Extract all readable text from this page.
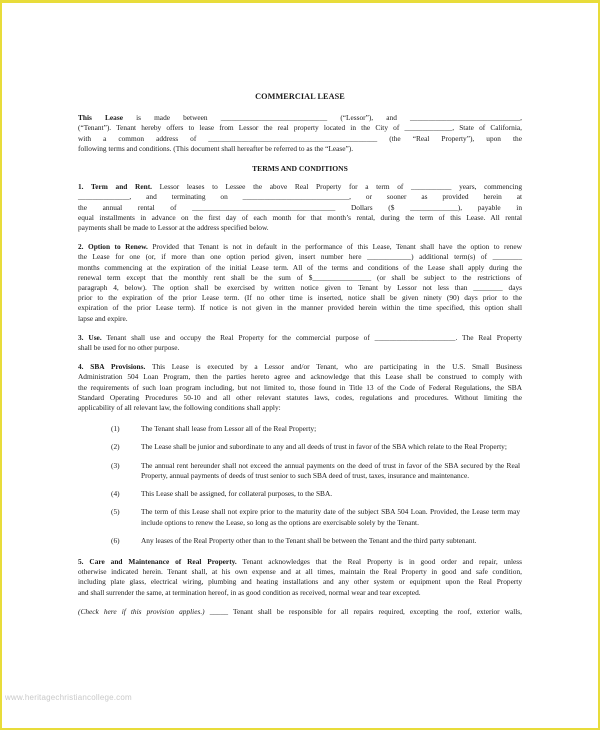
COMMERCIAL LEASE

This Lease is made between _____________________________ (“Lessor”), and ______________________________,
(“Tenant”). Tenant hereby offers to lease from Lessor the real property located in the City of _____________, State of California,
with a common address of ______________________________________________ (the “Real Property”), upon the
following terms and conditions. (This document shall hereafter be referred to as the “Lease”).

TERMS AND CONDITIONS

1. Term and Rent. Lessor leases to Lessee the above Real Property for a term of ___________ years, commencing
______________, and terminating on _____________________________, or sooner as provided herein at
the annual rental of _______________________________________ Dollars ($ _____________), payable in
equal installments in advance on the first day of each month for that month’s rental, during the term of this Lease. All rental
payments shall be made to Lessor at the address specified below.

2. Option to Renew. Provided that Tenant is not in default in the performance of this Lease, Tenant shall have the option to renew
the Lease for one (or, if more than one option period given, insert number here ____________) additional term(s) of ________
months commencing at the expiration of the initial Lease term. All of the terms and conditions of the Lease shall apply during the
renewal term except that the monthly rent shall be the sum of $________________ (or shall be subject to the restrictions of
paragraph 4, below). The option shall be exercised by written notice given to Tenant by Lessor not less than ________ days
prior to the expiration of the prior Lease term. (If no other time is inserted, notice shall be given ninety (90) days prior to the
expiration of the prior Lease term). If notice is not given in the manner provided herein within the time specified, this option shall
lapse and expire.

3. Use. Tenant shall use and occupy the Real Property for the commercial purpose of ______________________. The Real Property
shall be used for no other purpose.

4. SBA Provisions. This Lease is executed by a Lessor and/or Tenant, who are participating in the U.S. Small Business
Administration 504 Loan Program, then the parties hereto agree and acknowledge that this Lease shall be construed to comply with
the requirements of such loan program including, but not limited to, those found in Title 13 of the Code of Federal Regulations, the SBA
Standard Operating Procedures 50-10 and all other relevant statutes laws, codes, regulations and procedures. Without limiting the
applicability of all relevant law, the following conditions shall apply:

(1)	The Tenant shall lease from Lessor all of the Real Property;
(2)	The Lease shall be junior and subordinate to any and all deeds of trust in favor of the SBA which relate to the Real Property;
(3)	The annual rent hereunder shall not exceed the annual payments on the deed of trust in favor of the SBA secured by the Real Property, annual payments of deeds of trust senior to such SBA deed of trust, taxes, insurance and maintenance.
(4)	This Lease shall be assigned, for collateral purposes, to the SBA.
(5)	The term of this Lease shall not expire prior to the maturity date of the subject SBA 504 Loan. Provided, the Lease term may include options to renew the Lease, so long as the options are exercisable solely by the Tenant.
(6)	Any leases of the Real Property other than to the Tenant shall be between the Tenant and the third party subtenant.

5. Care and Maintenance of Real Property. Tenant acknowledges that the Real Property is in good order and repair, unless
otherwise indicated herein. Tenant shall, at his own expense and at all times, maintain the Real Property in good and safe condition,
including plate glass, electrical wiring, plumbing and heating installations and any other system or equipment upon the Real Property
and shall surrender the same, at termination hereof, in as good condition as received, normal wear and tear excepted.

(Check here if this provision applies.) _____ Tenant shall be responsible for all repairs required, excepting the roof, exterior walls,

www.heritagechristiancollege.com
